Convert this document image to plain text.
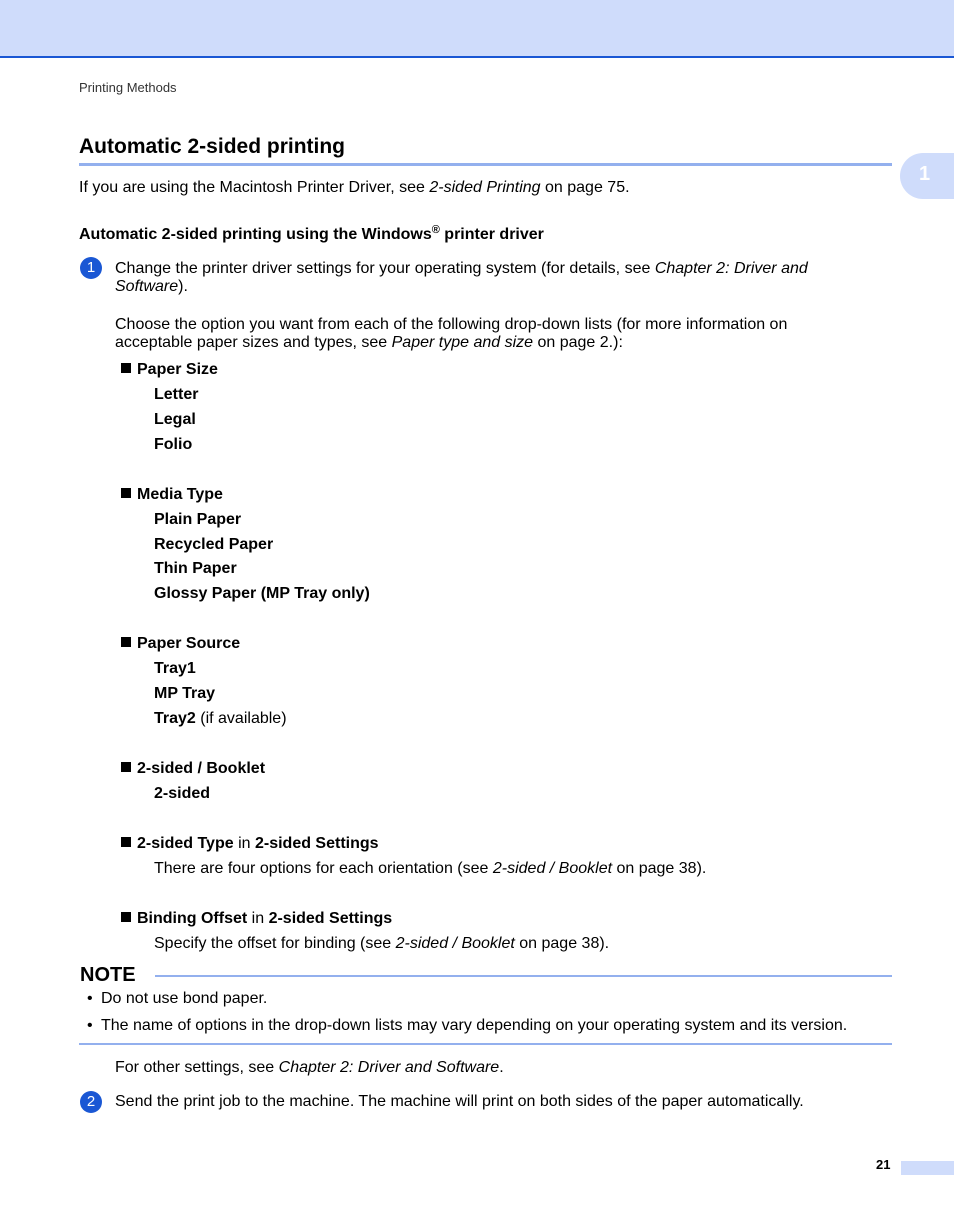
Printing Methods
1
Automatic 2-sided printing
If you are using the Macintosh Printer Driver, see 2-sided Printing on page 75.
Automatic 2-sided printing using the Windows® printer driver
1	Change the printer driver settings for your operating system (for details, see Chapter 2: Driver and
Software).
Choose the option you want from each of the following drop-down lists (for more information on
acceptable paper sizes and types, see Paper type and size on page 2.):
Paper Size
Letter
Legal
Folio
Media Type
Plain Paper
Recycled Paper
Thin Paper
Glossy Paper (MP Tray only)
Paper Source
Tray1
MP Tray
Tray2 (if available)
2-sided / Booklet
2-sided
2-sided Type in 2-sided Settings
There are four options for each orientation (see 2-sided / Booklet on page 38).
Binding Offset in 2-sided Settings
Specify the offset for binding (see 2-sided / Booklet on page 38).
NOTE
• Do not use bond paper.
• The name of options in the drop-down lists may vary depending on your operating system and its version.
For other settings, see Chapter 2: Driver and Software.
2	Send the print job to the machine. The machine will print on both sides of the paper automatically.
21
